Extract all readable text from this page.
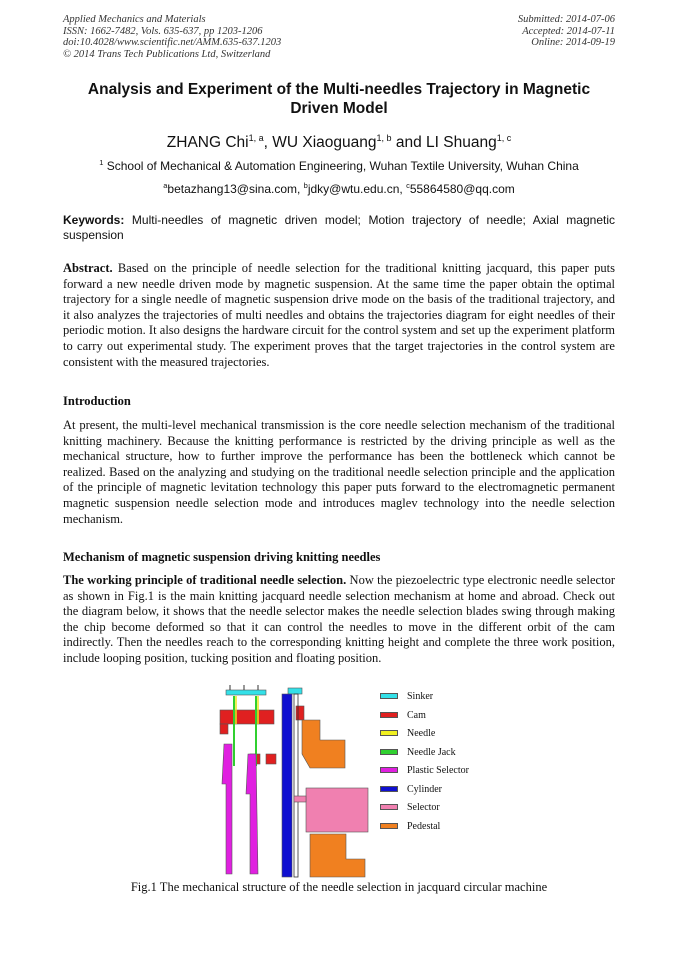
Applied Mechanics and Materials
ISSN: 1662-7482, Vols. 635-637, pp 1203-1206
doi:10.4028/www.scientific.net/AMM.635-637.1203
© 2014 Trans Tech Publications Ltd, Switzerland
Submitted: 2014-07-06
Accepted: 2014-07-11
Online: 2014-09-19
Analysis and Experiment of the Multi-needles Trajectory in Magnetic Driven Model
ZHANG Chi$^{1, a}$, WU Xiaoguang$^{1, b}$ and LI Shuang$^{1, c}$
$^1$ School of Mechanical & Automation Engineering, Wuhan Textile University, Wuhan China
$^a$betazhang13@sina.com, $^b$jdky@wtu.edu.cn, $^c$55864580@qq.com
Keywords: Multi-needles of magnetic driven model; Motion trajectory of needle; Axial magnetic suspension
Abstract. Based on the principle of needle selection for the traditional knitting jacquard, this paper puts forward a new needle driven mode by magnetic suspension. At the same time the paper obtain the optimal trajectory for a single needle of magnetic suspension drive mode on the basis of the traditional trajectory, and it also analyzes the trajectories of multi needles and obtains the trajectories diagram for eight needles of their periodic motion. It also designs the hardware circuit for the control system and set up the experiment platform to carry out experimental study. The experiment proves that the target trajectories in the control system are consistent with the measured trajectories.
Introduction
At present, the multi-level mechanical transmission is the core needle selection mechanism of the traditional knitting machinery. Because the knitting performance is restricted by the driving principle as well as the mechanical structure, how to further improve the performance has been the bottleneck which cannot be realized. Based on the analyzing and studying on the traditional needle selection principle and the application of the principle of magnetic levitation technology this paper puts forward to the electromagnetic permanent magnetic suspension needle selection mode and introduces maglev technology into the needle selection mechanism.
Mechanism of magnetic suspension driving knitting needles
The working principle of traditional needle selection. Now the piezoelectric type electronic needle selector as shown in Fig.1 is the main knitting jacquard needle selection mechanism at home and abroad. Check out the diagram below, it shows that the needle selector makes the needle selection blades swing through making the chip become deformed so that it can control the needles to move in the different orbit of the cam indirectly. Then the needles reach to the corresponding knitting height and complete the three work position, include looping position, tucking position and floating position.
Sinker
Cam
Needle
Needle Jack
Plastic Selector
Cylinder
Selector
Pedestal
Fig.1 The mechanical structure of the needle selection in jacquard circular machine
